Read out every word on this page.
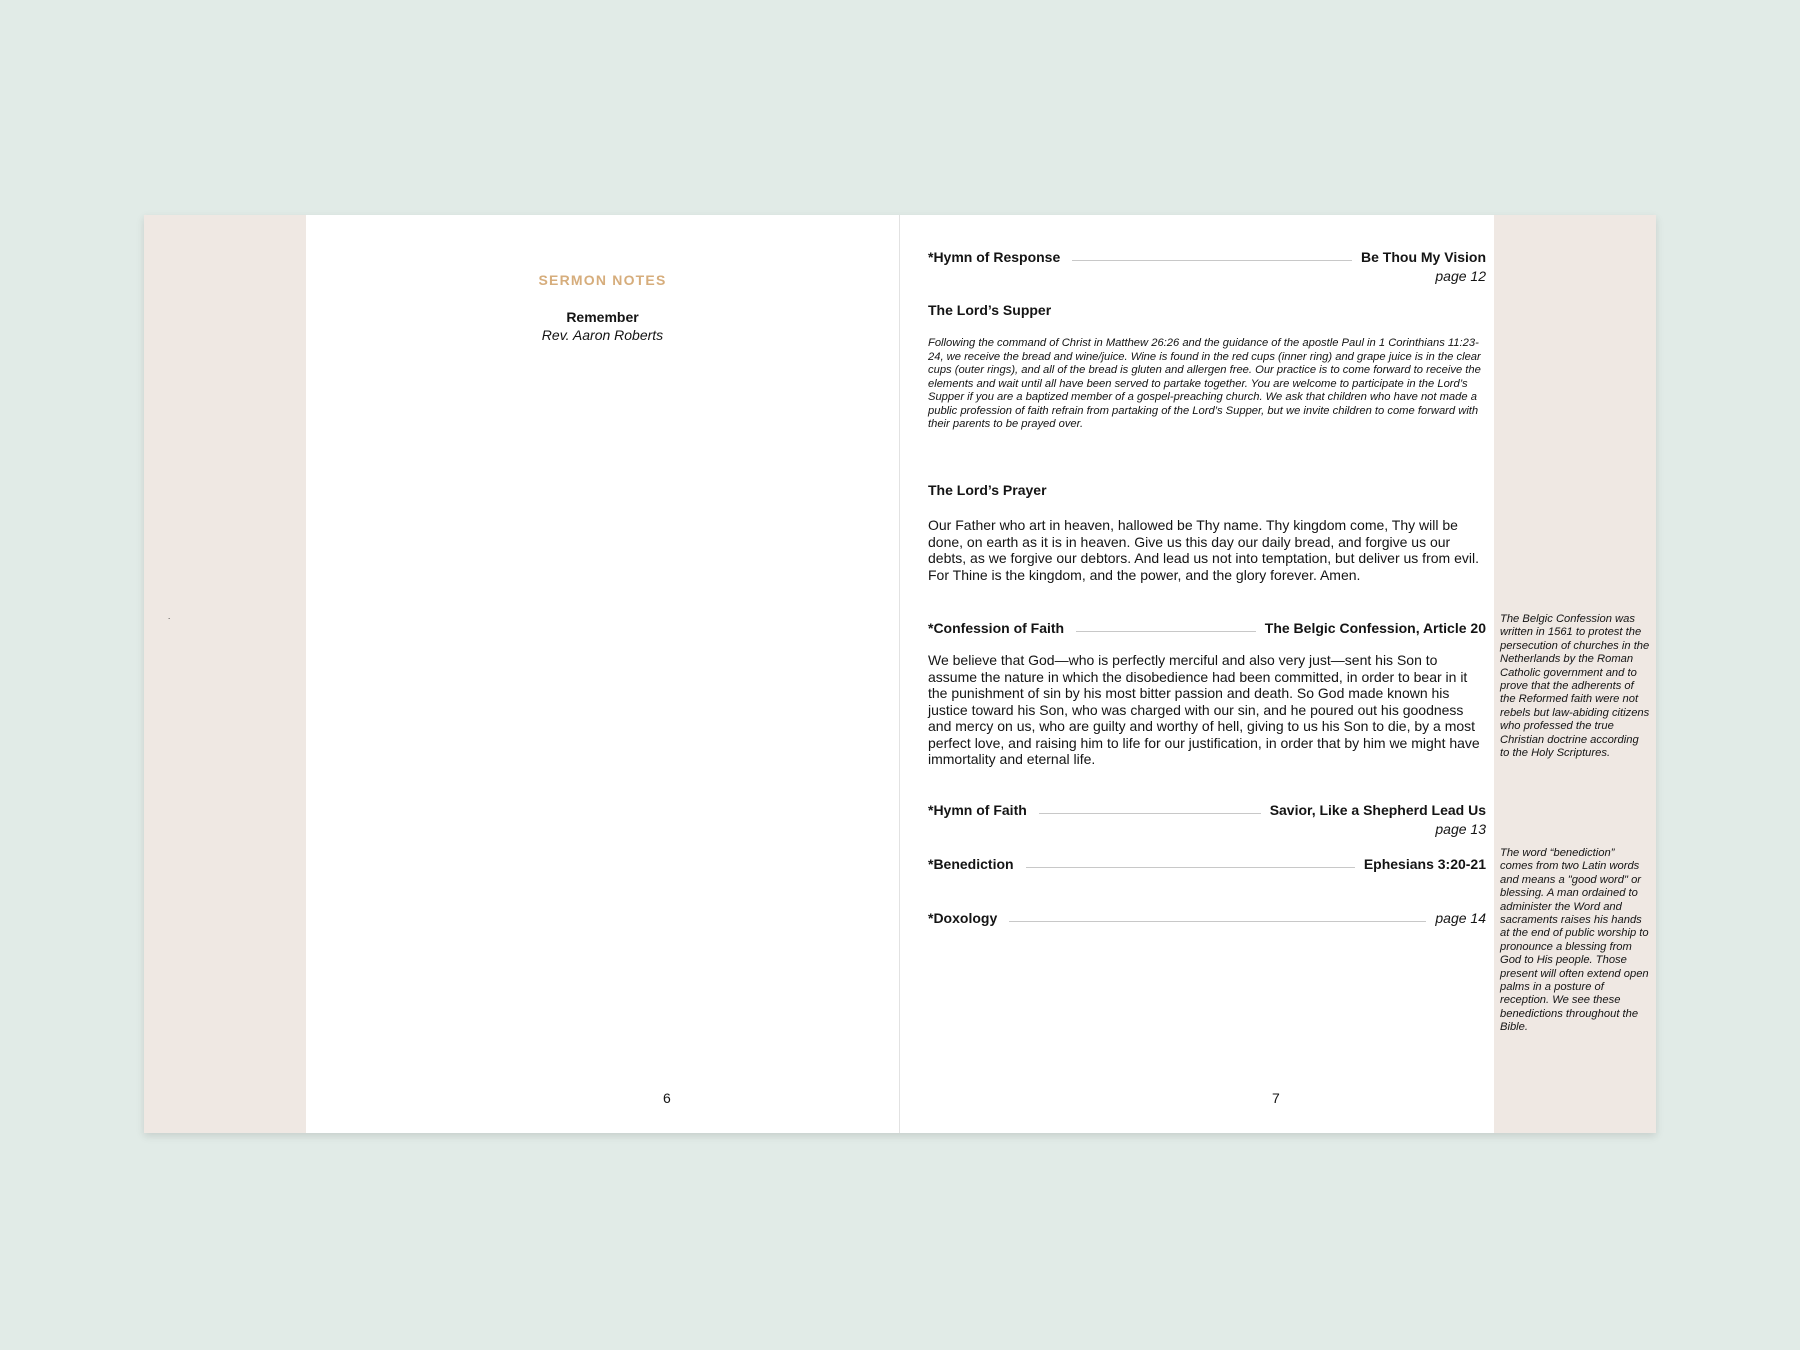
.
SERMON NOTES
Remember
Rev. Aaron Roberts
6
*Hymn of Response	Be Thou My Vision
page 12
The Lord’s Supper
Following the command of Christ in Matthew 26:26 and the guidance of the apostle Paul in 1 Corinthians 11:23-24, we receive the bread and wine/juice. Wine is found in the red cups (inner ring) and grape juice is in the clear cups (outer rings), and all of the bread is gluten and allergen free. Our practice is to come forward to receive the elements and wait until all have been served to partake together. You are welcome to participate in the Lord’s Supper if you are a baptized member of a gospel-preaching church. We ask that children who have not made a public profession of faith refrain from partaking of the Lord’s Supper, but we invite children to come forward with their parents to be prayed over.
The Lord’s Prayer
Our Father who art in heaven, hallowed be Thy name. Thy kingdom come, Thy will be done, on earth as it is in heaven. Give us this day our daily bread, and forgive us our debts, as we forgive our debtors. And lead us not into temptation, but deliver us from evil. For Thine is the kingdom, and the power, and the glory forever. Amen.
*Confession of Faith	The Belgic Confession, Article 20
We believe that God—who is perfectly merciful and also very just—sent his Son to assume the nature in which the disobedience had been committed, in order to bear in it the punishment of sin by his most bitter passion and death. So God made known his justice toward his Son, who was charged with our sin, and he poured out his goodness and mercy on us, who are guilty and worthy of hell, giving to us his Son to die, by a most perfect love, and raising him to life for our justification, in order that by him we might have immortality and eternal life.
*Hymn of Faith	Savior, Like a Shepherd Lead Us
page 13
*Benediction	Ephesians 3:20-21
*Doxology	page 14
7
The Belgic Confession was written in 1561 to protest the persecution of churches in the Netherlands by the Roman Catholic government and to prove that the adherents of the Reformed faith were not rebels but law-abiding citizens who professed the true Christian doctrine according to the Holy Scriptures.
The word “benediction” comes from two Latin words and means a "good word" or blessing. A man ordained to administer the Word and sacraments raises his hands at the end of public worship to pronounce a blessing from God to His people. Those present will often extend open palms in a posture of reception. We see these benedictions throughout the Bible.
